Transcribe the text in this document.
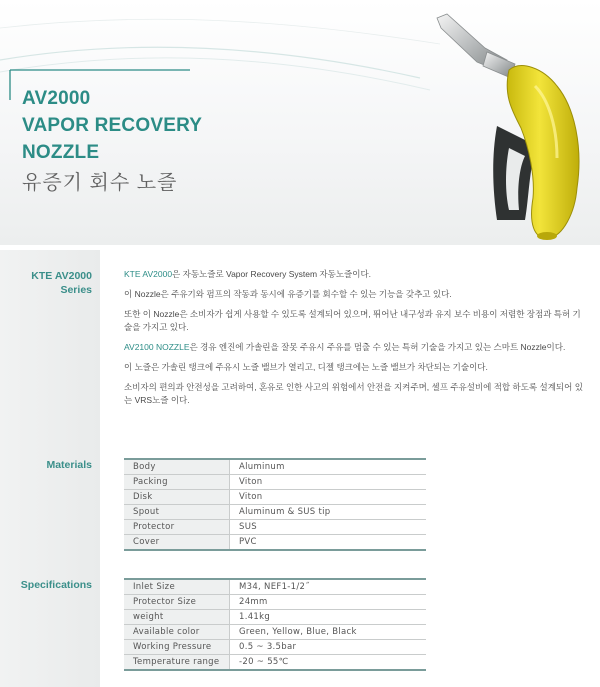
AV2000
VAPOR RECOVERY
NOZZLE
유증기 회수 노즐
KTE AV2000
Series
Materials
Specifications

KTE AV2000은 자동노즐로 Vapor Recovery System 자동노즐이다.

이 Nozzle은 주유기와 펌프의 작동과 동시에 유증기를 회수할 수 있는 기능을 갖추고 있다.

또한 이 Nozzle은 소비자가 쉽게 사용할 수 있도록 설계되어 있으며, 뛰어난 내구성과 유지 보수 비용이 저렴한 장점과 특허 기술을 가지고 있다.

AV2100 NOZZLE은 경유 엔진에 가솔린을 잘못 주유시 주유를 멈출 수 있는 특허 기술을 가지고 있는 스마트 Nozzle이다.

이 노즐은 가솔린 탱크에 주유시 노즐 밸브가 열리고, 디젤 탱크에는 노즐 밸브가 차단되는 기술이다.

소비자의 편의과 안전성을 고려하여, 혼유로 인한 사고의 위험에서 안전을 지켜주며, 셀프 주유설비에 적합 하도록 설계되어 있는 VRS노즐 이다.

Body	Aluminum
Packing	Viton
Disk	Viton
Spout	Aluminum & SUS tip
Protector	SUS
Cover	PVC
Inlet Size	M34, NEF1-1/2˝
Protector Size	24mm
weight	1.41kg
Available color	Green, Yellow, Blue, Black
Working Pressure	0.5 ~ 3.5bar
Temperature range	-20 ~ 55℃
